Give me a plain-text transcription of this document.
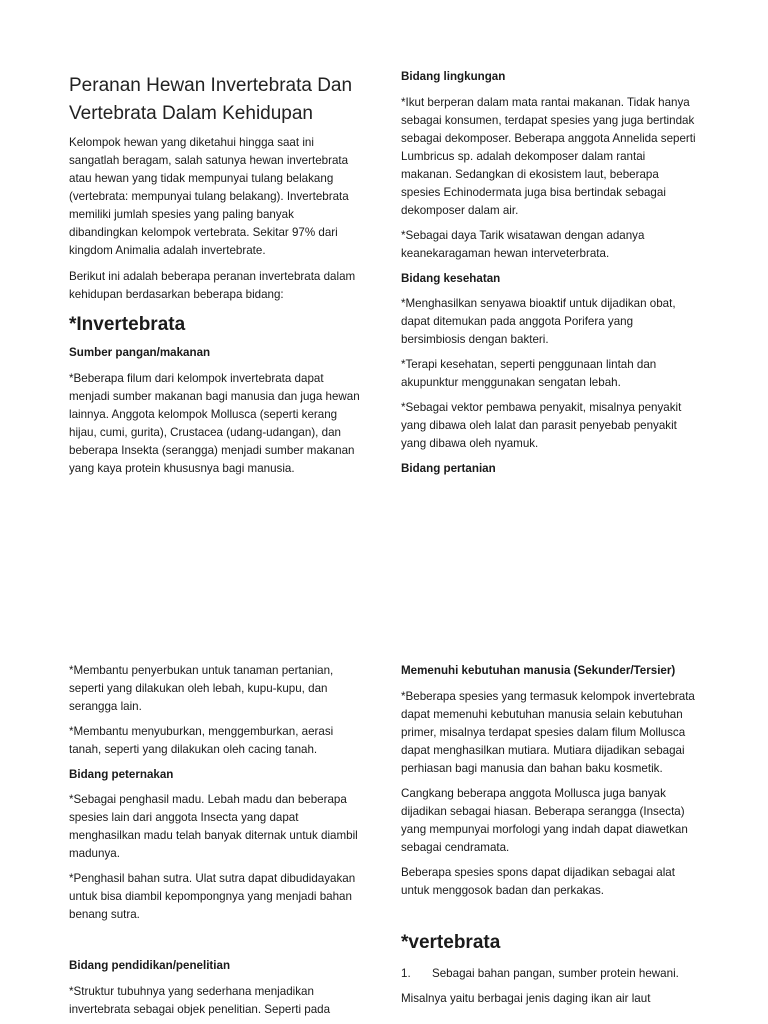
Peranan Hewan Invertebrata Dan Vertebrata Dalam Kehidupan

Kelompok hewan yang diketahui hingga saat ini sangatlah beragam, salah satunya hewan invertebrata atau hewan yang tidak mempunyai tulang belakang (vertebrata: mempunyai tulang belakang). Invertebrata memiliki jumlah spesies yang paling banyak dibandingkan kelompok vertebrata. Sekitar 97% dari kingdom Animalia adalah invertebrate.

Berikut ini adalah beberapa peranan invertebrata dalam kehidupan berdasarkan beberapa bidang:

*Invertebrata
Sumber pangan/makanan

*Beberapa filum dari kelompok invertebrata dapat menjadi sumber makanan bagi manusia dan juga hewan lainnya. Anggota kelompok Mollusca (seperti kerang hijau, cumi, gurita), Crustacea (udang-udangan), dan beberapa Insekta (serangga) menjadi sumber makanan yang kaya protein khususnya bagi manusia.

Bidang lingkungan

*Ikut berperan dalam mata rantai makanan. Tidak hanya sebagai konsumen, terdapat spesies yang juga bertindak sebagai dekomposer. Beberapa anggota Annelida seperti Lumbricus sp. adalah dekomposer dalam rantai makanan. Sedangkan di ekosistem laut, beberapa spesies Echinodermata juga bisa bertindak sebagai dekomposer dalam air.

*Sebagai daya Tarik wisatawan dengan adanya keanekaragaman hewan interveterbrata.

Bidang kesehatan

*Menghasilkan senyawa bioaktif untuk dijadikan obat, dapat ditemukan pada anggota Porifera yang bersimbiosis dengan bakteri.

*Terapi kesehatan, seperti penggunaan lintah dan akupunktur menggunakan sengatan lebah.

*Sebagai vektor pembawa penyakit, misalnya penyakit yang dibawa oleh lalat dan parasit penyebab penyakit yang dibawa oleh nyamuk.

Bidang pertanian

*Membantu penyerbukan untuk tanaman pertanian, seperti yang dilakukan oleh lebah, kupu-kupu, dan serangga lain.

*Membantu menyuburkan, menggemburkan, aerasi tanah, seperti yang dilakukan oleh cacing tanah.

Bidang peternakan

*Sebagai penghasil madu. Lebah madu dan beberapa spesies lain dari anggota Insecta yang dapat menghasilkan madu telah banyak diternak untuk diambil madunya.

*Penghasil bahan sutra. Ulat sutra dapat dibudidayakan untuk bisa diambil kepompongnya yang menjadi bahan benang sutra.

Bidang pendidikan/penelitian

*Struktur tubuhnya yang sederhana menjadikan invertebrata sebagai objek penelitian. Seperti pada

Memenuhi kebutuhan manusia (Sekunder/Tersier)

*Beberapa spesies yang termasuk kelompok invertebrata dapat memenuhi kebutuhan manusia selain kebutuhan primer, misalnya terdapat spesies dalam filum Mollusca dapat menghasilkan mutiara. Mutiara dijadikan sebagai perhiasan bagi manusia dan bahan baku kosmetik.

Cangkang beberapa anggota Mollusca juga banyak dijadikan sebagai hiasan. Beberapa serangga (Insecta) yang mempunyai morfologi yang indah dapat diawetkan sebagai cendramata.

Beberapa spesies spons dapat dijadikan sebagai alat untuk menggosok badan dan perkakas.

*vertebrata

1. Sebagai bahan pangan, sumber protein hewani.

Misalnya yaitu berbagai jenis daging ikan air laut
